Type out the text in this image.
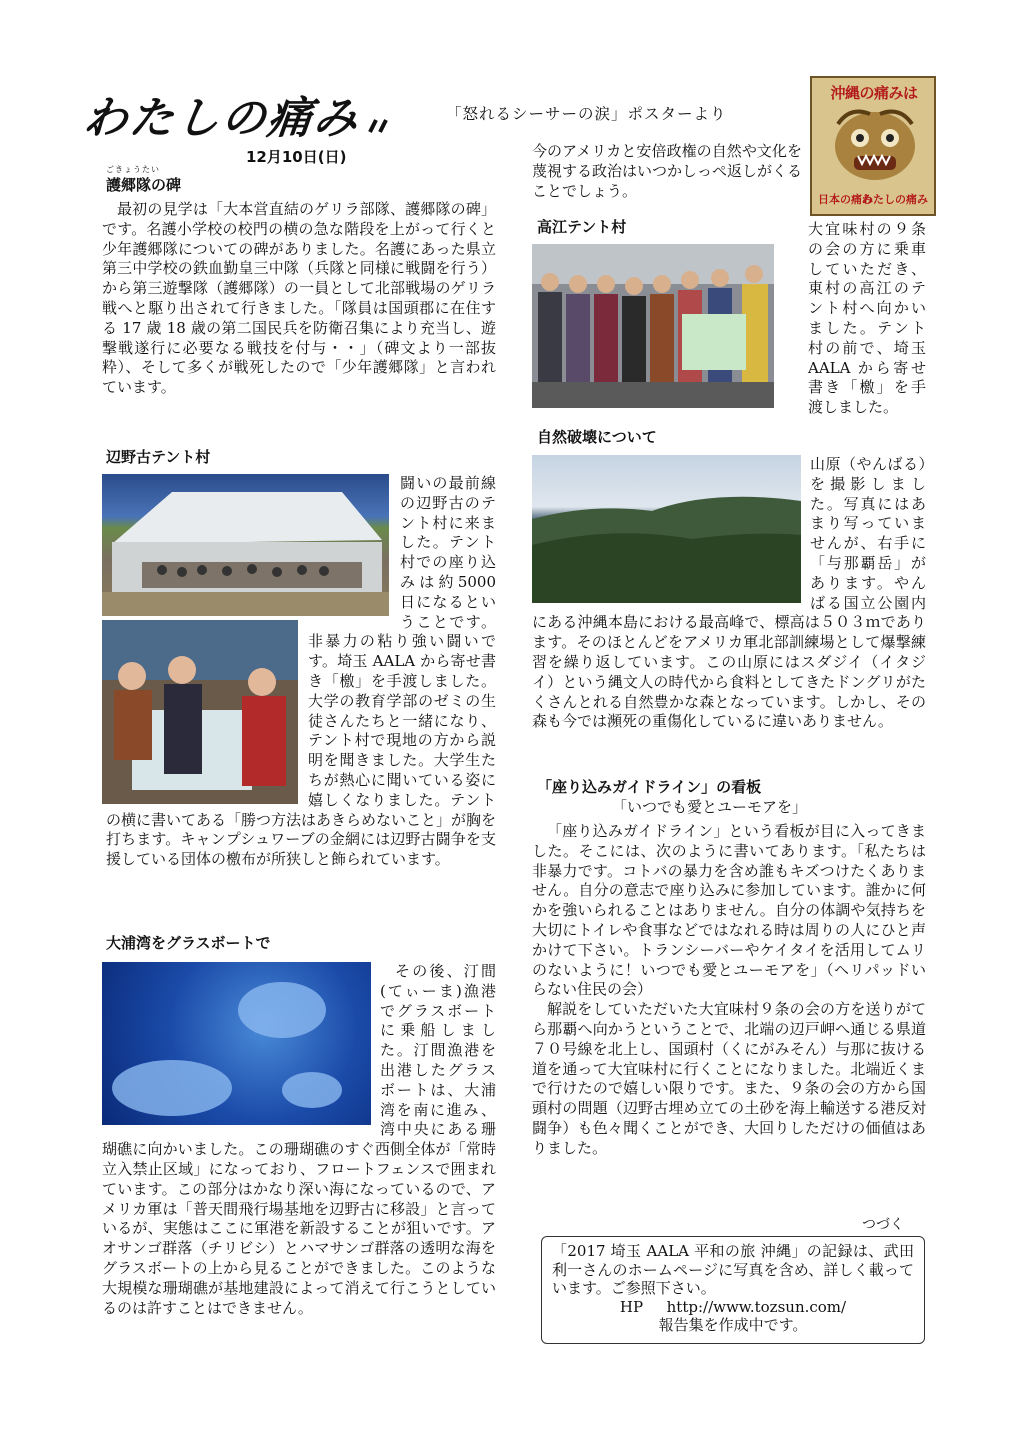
わたしの痛み	「怒れるシーサーの涙」ポスターより
沖縄の痛みは
日本の痛み
わたしの痛み
12月10日(日)
ごきょうたい
護郷隊の碑

最初の見学は「大本営直結のゲリラ部隊、護郷隊の碑」です。名護小学校の校門の横の急な階段を上がって行くと少年護郷隊についての碑がありました。名護にあった県立第三中学校の鉄血勤皇三中隊（兵隊と同様に戦闘を行う）から第三遊撃隊（護郷隊）の一員として北部戦場のゲリラ戦へと駆り出されて行きました。「隊員は国頭郡に在住する 17 歳 18 歳の第二国民兵を防衛召集により充当し、遊撃戦遂行に必要なる戦技を付与・・」（碑文より一部抜粋）、そして多くが戦死したので「少年護郷隊」と言われています。

辺野古テント村

闘いの最前線の辺野古のテント村に来ました。テント村での座り込みは約5000 日になるということです。非暴力の粘り強い闘いです。埼玉 AALA から寄せ書き「檄」を手渡しました。大学の教育学部のゼミの生徒さんたちと一緒になり、テント村で現地の方から説明を聞きました。大学生たちが熱心に聞いている姿に嬉しくなりました。テントの横に書いてある「勝つ方法はあきらめないこと」が胸を打ちます。キャンプシュワーブの金網には辺野古闘争を支援している団体の檄布が所狭しと飾られています。

大浦湾をグラスボートで

その後、汀間(てぃーま)漁港でグラスボートに乗船しました。汀間漁港を出港したグラスボートは、大浦湾を南に進み、湾中央にある珊瑚礁に向かいました。この珊瑚礁のすぐ西側全体が「常時立入禁止区域」になっており、フロートフェンスで囲まれています。この部分はかなり深い海になっているので、アメリカ軍は「普天間飛行場基地を辺野古に移設」と言っているが、実態はここに軍港を新設することが狙いです。アオサンゴ群落（チリビシ）とハマサンゴ群落の透明な海をグラスボートの上から見ることができました。このような大規模な珊瑚礁が基地建設によって消えて行こうとしているのは許すことはできません。

今のアメリカと安倍政権の自然や文化を蔑視する政治はいつかしっぺ返しがくることでしょう。

高江テント村	大宜味村の９条の会の方に乗車していただき、東村の高江のテント村へ向かいました。テント村の前で、埼玉 AALA から寄せ書き「檄」を手渡しました。

自然破壊について

山原（やんばる）を撮影しました。写真にはあまり写っていませんが、右手に「与那覇岳」があります。やんばる国立公園内にある沖縄本島における最高峰で、標高は５０３ｍであります。そのほとんどをアメリカ軍北部訓練場として爆撃練習を繰り返しています。この山原にはスダジイ（イタジイ）という縄文人の時代から食料としてきたドングリがたくさんとれる自然豊かな森となっています。しかし、その森も今では瀕死の重傷化しているに違いありません。

「座り込みガイドライン」の看板
「いつでも愛とユーモアを」

「座り込みガイドライン」という看板が目に入ってきました。そこには、次のように書いてあります。「私たちは非暴力です。コトバの暴力を含め誰もキズつけたくありません。自分の意志で座り込みに参加しています。誰かに何かを強いられることはありません。自分の体調や気持ちを大切にトイレや食事などではなれる時は周りの人にひと声かけて下さい。トランシーバーやケイタイを活用してムリのないように！いつでも愛とユーモアを」（ヘリパッドいらない住民の会）

解説をしていただいた大宜味村９条の会の方を送りがてら那覇へ向かうということで、北端の辺戸岬へ通じる県道７０号線を北上し、国頭村（くにがみそん）与那に抜ける道を通って大宜味村に行くことになりました。北端近くまで行けたので嬉しい限りです。また、９条の会の方から国頭村の問題（辺野古埋め立ての土砂を海上輸送する港反対闘争）も色々聞くことができ、大回りしただけの価値はありました。

つづく
「2017 埼玉 AALA 平和の旅 沖縄」の記録は、武田利一さんのホームページに写真を含め、詳しく載っています。ご参照下さい。
HP http://www.tozsun.com/
報告集を作成中です。
